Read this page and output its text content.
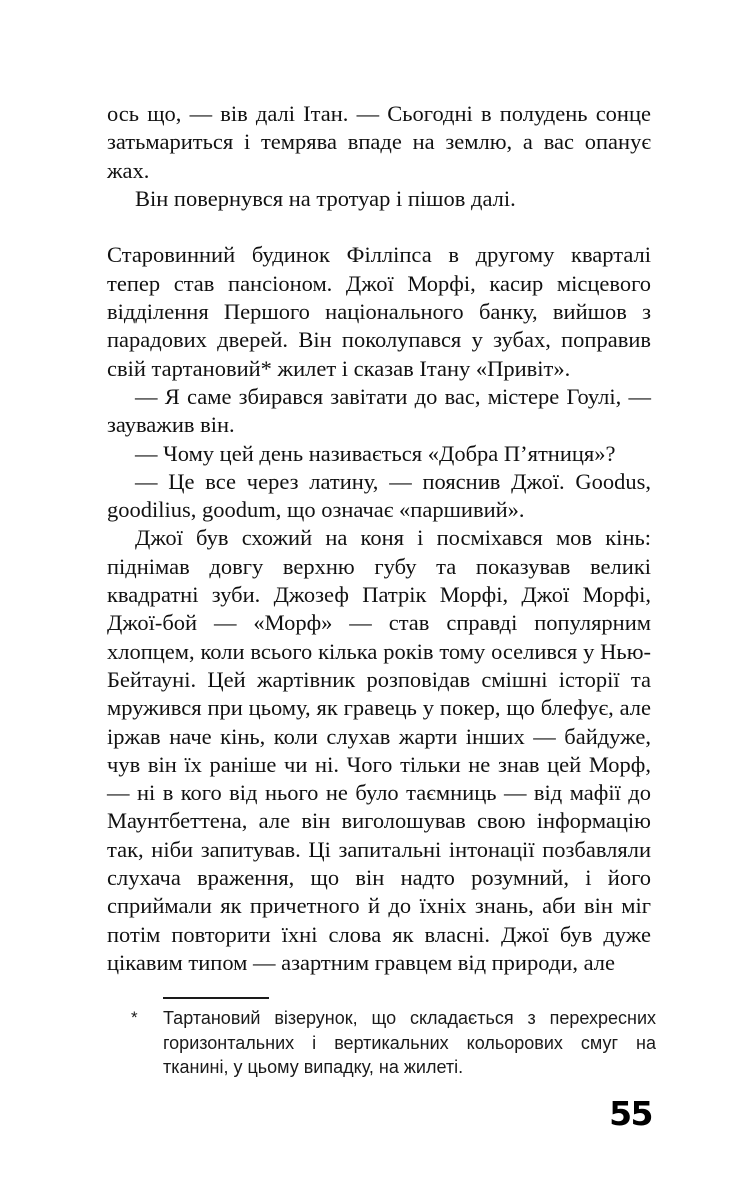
ось що, — вів далі Ітан. — Сьогодні в полудень сонце затьмариться і темрява впаде на землю, а вас опанує жах.

Він повернувся на тротуар і пішов далі.

Старовинний будинок Філліпса в другому кварталі тепер став пансіоном. Джої Морфі, касир місцевого відділення Першого національного банку, вийшов з парадових дверей. Він поколупався у зубах, поправив свій тартановий* жилет і сказав Ітану «Привіт».

— Я саме збирався завітати до вас, містере Гоулі, — зауважив він.

— Чому цей день називається «Добра П’ятниця»?

— Це все через латину, — пояснив Джої. Goodus, goodilius, goodum, що означає «паршивий».

Джої був схожий на коня і посміхався мов кінь: піднімав довгу верхню губу та показував великі квадратні зуби. Джозеф Патрік Морфі, Джої Морфі, Джої-бой — «Морф» — став справді популярним хлопцем, коли всього кілька років тому оселився у Нью-Бейтауні. Цей жартівник розповідав смішні історії та мружився при цьому, як гравець у покер, що блефує, але іржав наче кінь, коли слухав жарти інших — байдуже, чув він їх раніше чи ні. Чого тільки не знав цей Морф, — ні в кого від нього не було таємниць — від мафії до Маунтбеттена, але він виголошував свою інформацію так, ніби запитував. Ці запитальні інтонації позбавляли слухача враження, що він надто розумний, і його сприймали як причетного й до їхніх знань, аби він міг потім повторити їхні слова як власні. Джої був дуже цікавим типом — азартним гравцем від природи, але

*	Тартановий візерунок, що складається з перехресних горизонтальних і вертикальних кольорових смуг на тканині, у цьому випадку, на жилеті.
55
